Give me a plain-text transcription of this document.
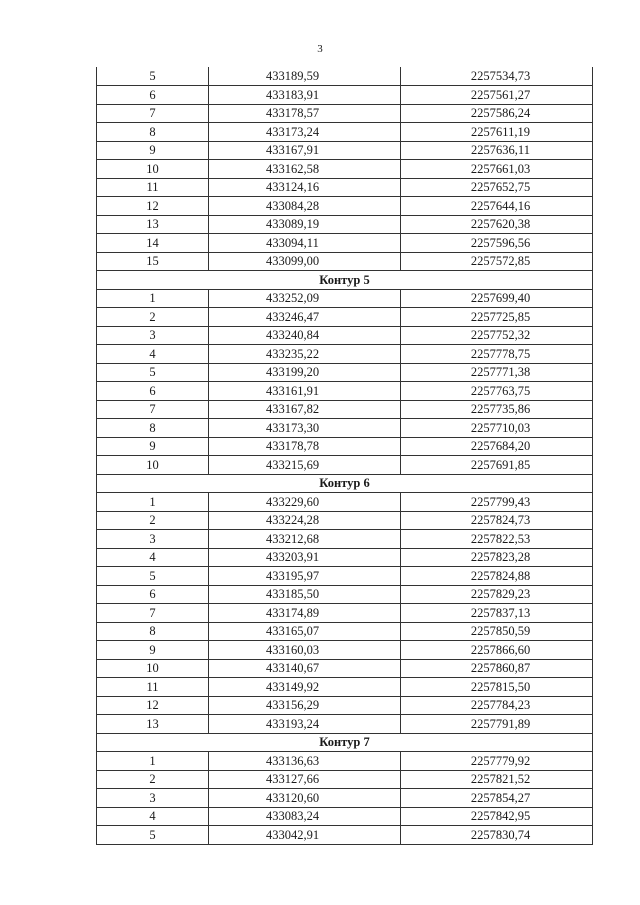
3
5	433189,59	2257534,73
6	433183,91	2257561,27
7	433178,57	2257586,24
8	433173,24	2257611,19
9	433167,91	2257636,11
10	433162,58	2257661,03
11	433124,16	2257652,75
12	433084,28	2257644,16
13	433089,19	2257620,38
14	433094,11	2257596,56
15	433099,00	2257572,85
Контур 5		
1	433252,09	2257699,40
2	433246,47	2257725,85
3	433240,84	2257752,32
4	433235,22	2257778,75
5	433199,20	2257771,38
6	433161,91	2257763,75
7	433167,82	2257735,86
8	433173,30	2257710,03
9	433178,78	2257684,20
10	433215,69	2257691,85
Контур 6		
1	433229,60	2257799,43
2	433224,28	2257824,73
3	433212,68	2257822,53
4	433203,91	2257823,28
5	433195,97	2257824,88
6	433185,50	2257829,23
7	433174,89	2257837,13
8	433165,07	2257850,59
9	433160,03	2257866,60
10	433140,67	2257860,87
11	433149,92	2257815,50
12	433156,29	2257784,23
13	433193,24	2257791,89
Контур 7		
1	433136,63	2257779,92
2	433127,66	2257821,52
3	433120,60	2257854,27
4	433083,24	2257842,95
5	433042,91	2257830,74
